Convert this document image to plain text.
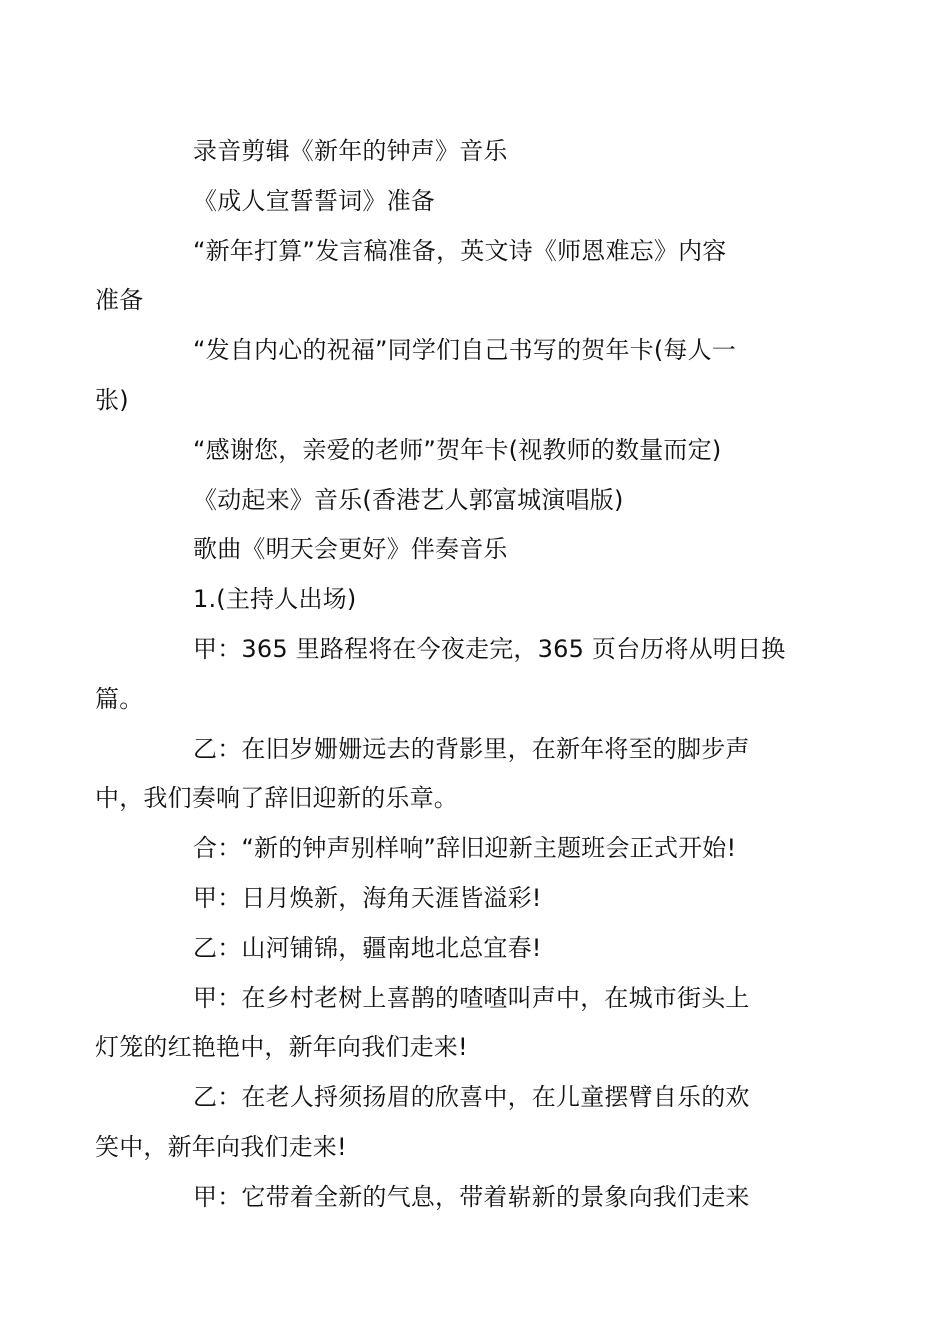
录音剪辑《新年的钟声》音乐

《成人宣誓誓词》准备

“新年打算”发言稿准备，英文诗《师恩难忘》内容
准备

“发自内心的祝福”同学们自己书写的贺年卡(每人一
张)

“感谢您，亲爱的老师”贺年卡(视教师的数量而定)

《动起来》音乐(香港艺人郭富城演唱版)

歌曲《明天会更好》伴奏音乐

1.(主持人出场)

甲：365 里路程将在今夜走完，365 页台历将从明日换
篇。

乙：在旧岁姗姗远去的背影里，在新年将至的脚步声
中，我们奏响了辞旧迎新的乐章。

合：“新的钟声别样响”辞旧迎新主题班会正式开始!

甲：日月焕新，海角天涯皆溢彩!

乙：山河铺锦，疆南地北总宜春!

甲：在乡村老树上喜鹊的喳喳叫声中，在城市街头上
灯笼的红艳艳中，新年向我们走来!

乙：在老人捋须扬眉的欣喜中，在儿童摆臂自乐的欢
笑中，新年向我们走来!

甲：它带着全新的气息，带着崭新的景象向我们走来
